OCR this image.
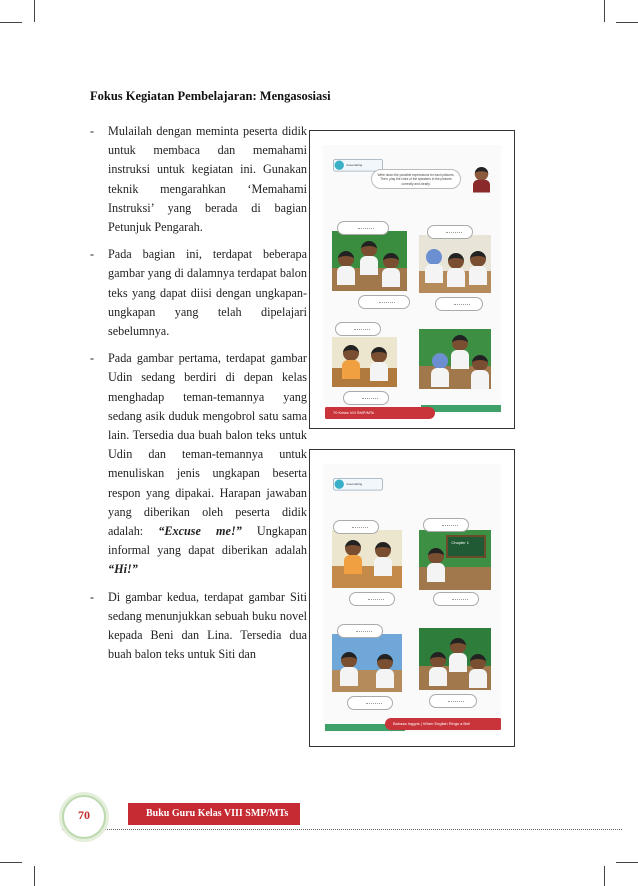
Fokus Kegiatan Pembelajaran: Mengasosiasi
- Mulailah dengan meminta peserta didik untuk membaca dan memahami instruksi untuk kegiatan ini. Gunakan teknik mengarahkan ‘Memahami Instruksi’ yang berada di bagian Petunjuk Pengarah.
- Pada bagian ini, terdapat beberapa gambar yang di dalamnya terdapat balon teks yang dapat diisi dengan ungkapan-ungkapan yang telah dipelajari sebelumnya.
- Pada gambar pertama, terdapat gambar Udin sedang berdiri di depan kelas menghadap teman-temannya yang sedang asik duduk mengobrol satu sama lain. Tersedia dua buah balon teks untuk Udin dan teman-temannya untuk menuliskan jenis ungkapan beserta respon yang dipakai. Harapan jawaban yang diberikan oleh peserta didik adalah: “Excuse me!” Ungkapan informal yang dapat diberikan adalah “Hi!”
- Di gambar kedua, terdapat gambar Siti sedang menunjukkan sebuah buku novel kepada Beni dan Lina. Tersedia dua buah balon teks untuk Siti dan
Associating
Write down the possible expressions for each pictures. Then, play the roles of the speakers in the pictures correctly and clearly.
70 Kelas VIII SMP/MTs
Associating
Chapter 1
Bahasa Inggris | When English Rings a Bell
Buku Guru Kelas VIII SMP/MTs
70
